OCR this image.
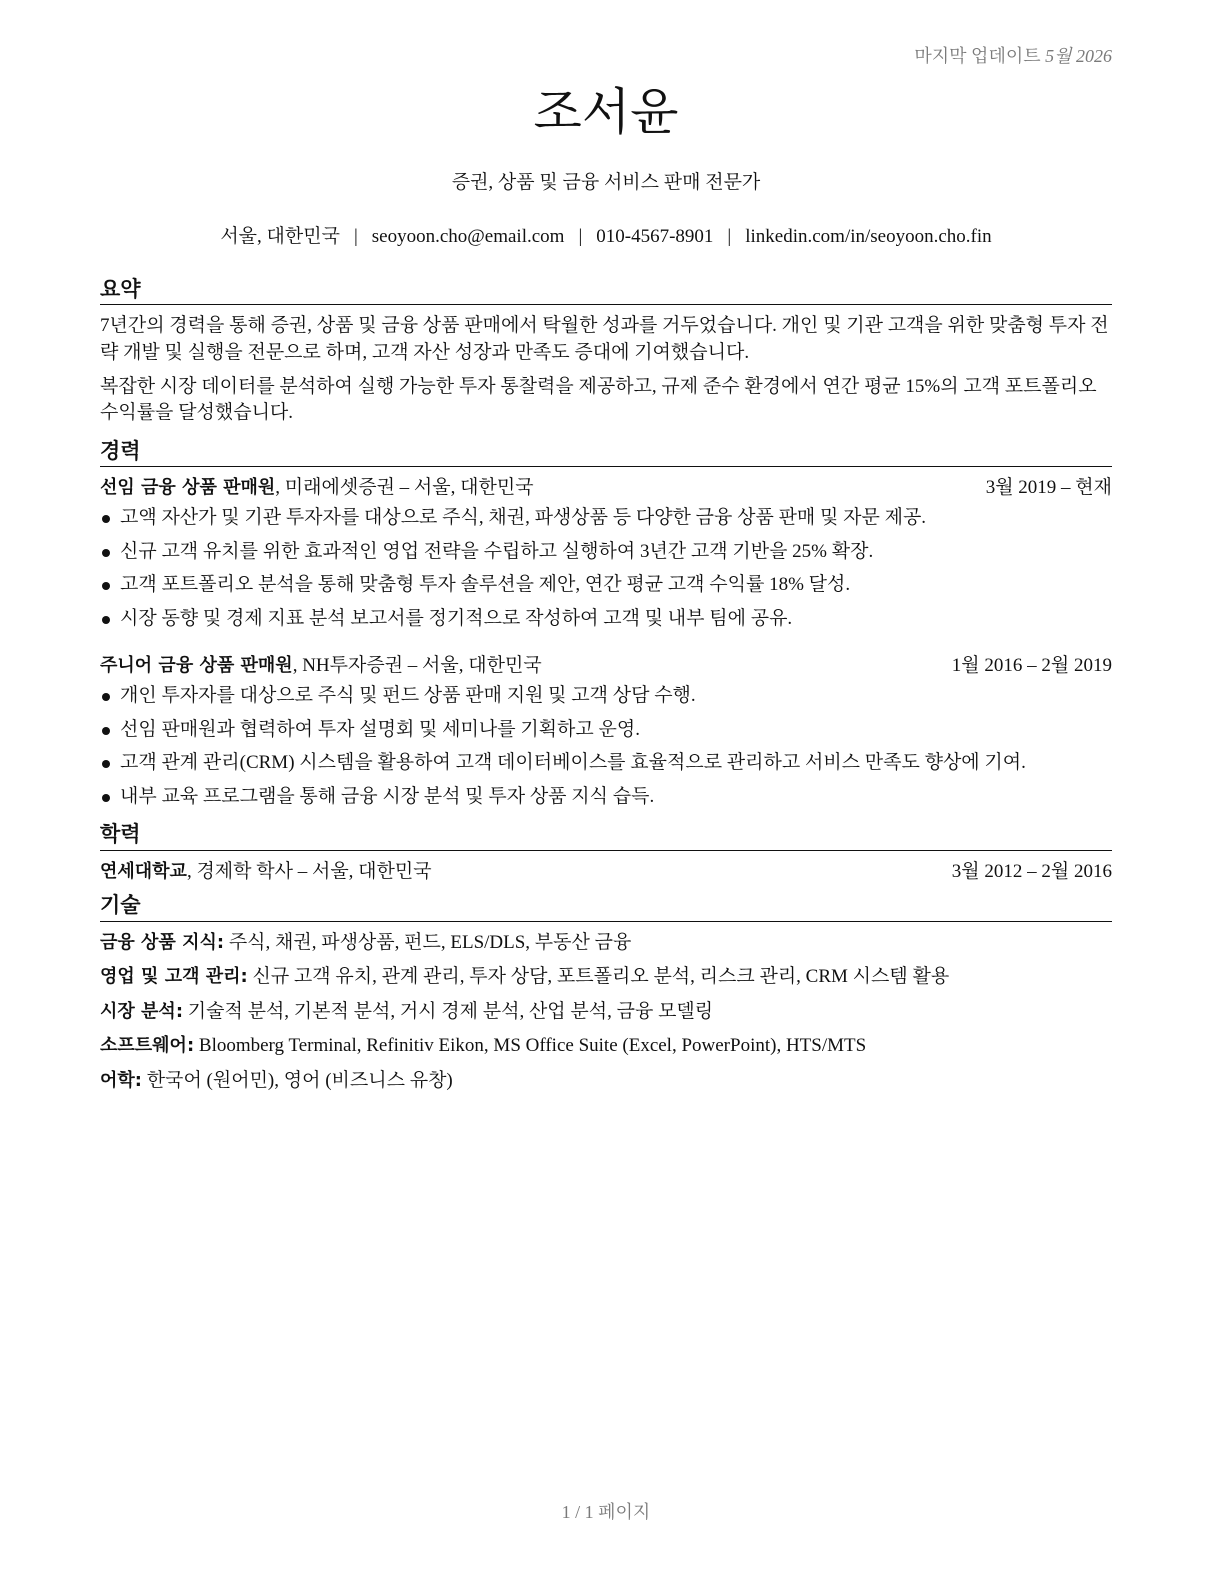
마지막 업데이트 5월 2026
조서윤
증권, 상품 및 금융 서비스 판매 전문가
서울, 대한민국 | seoyoon.cho@email.com | 010-4567-8901 | linkedin.com/in/seoyoon.cho.fin
요약

7년간의 경력을 통해 증권, 상품 및 금융 상품 판매에서 탁월한 성과를 거두었습니다. 개인 및 기관 고객을 위한 맞춤형 투자 전략 개발 및 실행을 전문으로 하며, 고객 자산 성장과 만족도 증대에 기여했습니다.

복잡한 시장 데이터를 분석하여 실행 가능한 투자 통찰력을 제공하고, 규제 준수 환경에서 연간 평균 15%의 고객 포트폴리오 수익률을 달성했습니다.

경력
선임 금융 상품 판매원, 미래에셋증권 – 서울, 대한민국	3월 2019 – 현재
고액 자산가 및 기관 투자자를 대상으로 주식, 채권, 파생상품 등 다양한 금융 상품 판매 및 자문 제공.
신규 고객 유치를 위한 효과적인 영업 전략을 수립하고 실행하여 3년간 고객 기반을 25% 확장.
고객 포트폴리오 분석을 통해 맞춤형 투자 솔루션을 제안, 연간 평균 고객 수익률 18% 달성.
시장 동향 및 경제 지표 분석 보고서를 정기적으로 작성하여 고객 및 내부 팀에 공유.
주니어 금융 상품 판매원, NH투자증권 – 서울, 대한민국	1월 2016 – 2월 2019
개인 투자자를 대상으로 주식 및 펀드 상품 판매 지원 및 고객 상담 수행.
선임 판매원과 협력하여 투자 설명회 및 세미나를 기획하고 운영.
고객 관계 관리(CRM) 시스템을 활용하여 고객 데이터베이스를 효율적으로 관리하고 서비스 만족도 향상에 기여.
내부 교육 프로그램을 통해 금융 시장 분석 및 투자 상품 지식 습득.
학력
연세대학교, 경제학 학사 – 서울, 대한민국	3월 2012 – 2월 2016
기술
금융 상품 지식: 주식, 채권, 파생상품, 펀드, ELS/DLS, 부동산 금융
영업 및 고객 관리: 신규 고객 유치, 관계 관리, 투자 상담, 포트폴리오 분석, 리스크 관리, CRM 시스템 활용
시장 분석: 기술적 분석, 기본적 분석, 거시 경제 분석, 산업 분석, 금융 모델링
소프트웨어: Bloomberg Terminal, Refinitiv Eikon, MS Office Suite (Excel, PowerPoint), HTS/MTS
어학: 한국어 (원어민), 영어 (비즈니스 유창)
1 / 1 페이지
